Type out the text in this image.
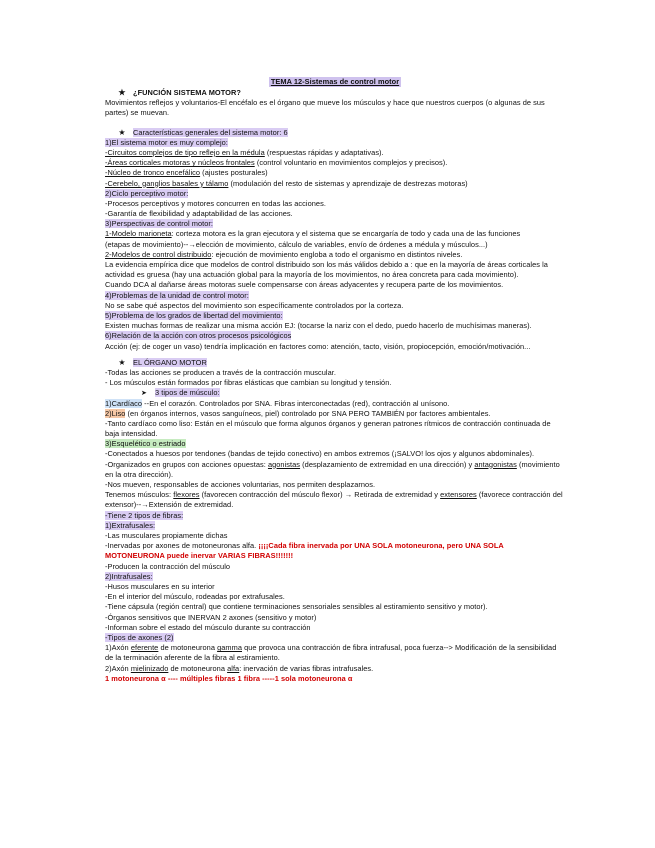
TEMA 12-Sistemas de control motor
★ ¿FUNCIÓN SISTEMA MOTOR?
Movimientos reflejos y voluntarios-El encéfalo es el órgano que mueve los músculos y hace que nuestros cuerpos (o algunas de sus partes) se muevan.
★ Características generales del sistema motor: 6
1)El sistema motor es muy complejo:
-Circuitos complejos de tipo reflejo en la médula (respuestas rápidas y adaptativas).
-Áreas corticales motoras y núcleos frontales (control voluntario en movimientos complejos y precisos).
-Núcleo de tronco encefálico (ajustes posturales)
-Cerebelo, ganglios basales y tálamo (modulación del resto de sistemas y aprendizaje de destrezas motoras)
2)Ciclo perceptivo motor:
-Procesos perceptivos y motores concurren en todas las acciones.
-Garantía de flexibilidad y adaptabilidad de las acciones.
3)Perspectivas de control motor:
1-Modelo marioneta: corteza motora es la gran ejecutora y el sistema que se encargaría de todo y cada una de las funciones
(etapas de movimiento)--→elección de movimiento, cálculo de variables, envío de órdenes a médula y músculos...)
2-Modelos de control distribuido: ejecución de movimiento engloba a todo el organismo en distintos niveles.
La evidencia empírica dice que modelos de control distribuido son los más válidos debido a : que en la mayoría de áreas corticales la actividad es gruesa (hay una actuación global para la mayoría de los movimientos, no área concreta para cada movimiento).
Cuando DCA al dañarse áreas motoras suele compensarse con áreas adyacentes y recupera parte de los movimientos.
4)Problemas de la unidad de control motor:
No se sabe qué aspectos del movimiento son específicamente controlados por la corteza.
5)Problema de los grados de libertad del movimiento:
Existen muchas formas de realizar una misma acción EJ: (tocarse la nariz con el dedo, puedo hacerlo de muchísimas maneras).
6)Relación de la acción con otros procesos psicológicos
Acción (ej: de coger un vaso) tendría implicación en factores como: atención, tacto, visión, propiocepción, emoción/motivación...
★ EL ÓRGANO MOTOR
-Todas las acciones se producen a través de la contracción muscular.
- Los músculos están formados por fibras elásticas que cambian su longitud y tensión.
➤ 3 tipos de músculo:
1)Cardíaco --En el corazón. Controlados por SNA. Fibras interconectadas (red), contracción al unísono.
2)Liso (en órganos internos, vasos sanguíneos, piel) controlado por SNA PERO TAMBIÉN por factores ambientales.
-Tanto cardíaco como liso: Están en el músculo que forma algunos órganos y generan patrones rítmicos de contracción continuada de baja intensidad.
3)Esquelético o estriado
-Conectados a huesos por tendones (bandas de tejido conectivo) en ambos extremos (¡SALVO! los ojos y algunos abdominales).
-Organizados en grupos con acciones opuestas: agonistas (desplazamiento de extremidad en una dirección) y antagonistas (movimiento en la otra dirección).
-Nos mueven, responsables de acciones voluntarias, nos permiten desplazarnos.
Tenemos músculos: flexores (favorecen contracción del músculo flexor) → Retirada de extremidad y extensores (favorece contracción del extensor)--→Extensión de extremidad.
-Tiene 2 tipos de fibras:
1)Extrafusales:
-Las musculares propiamente dichas
-Inervadas por axones de motoneuronas alfa. ¡¡¡¡Cada fibra inervada por UNA SOLA motoneurona, pero UNA SOLA MOTONEURONA puede inervar VARIAS FIBRAS!!!!!!!
-Producen la contracción del músculo
2)Intrafusales:
-Husos musculares en su interior
-En el interior del músculo, rodeadas por extrafusales.
-Tiene cápsula (región central) que contiene terminaciones sensoriales sensibles al estiramiento sensitivo y motor).
-Órganos sensitivos que INERVAN 2 axones (sensitivo y motor)
-Informan sobre el estado del músculo durante su contracción
-Tipos de axones (2)
1)Axón eferente de motoneurona gamma que provoca una contracción de fibra intrafusal, poca fuerza--> Modificación de la sensibilidad de la terminación aferente de la fibra al estiramiento.
2)Axón mielinizado de motoneurona alfa: inervación de varias fibras intrafusales.
1 motoneurona α ---- múltiples fibras 1 fibra -----1 sola motoneurona α
